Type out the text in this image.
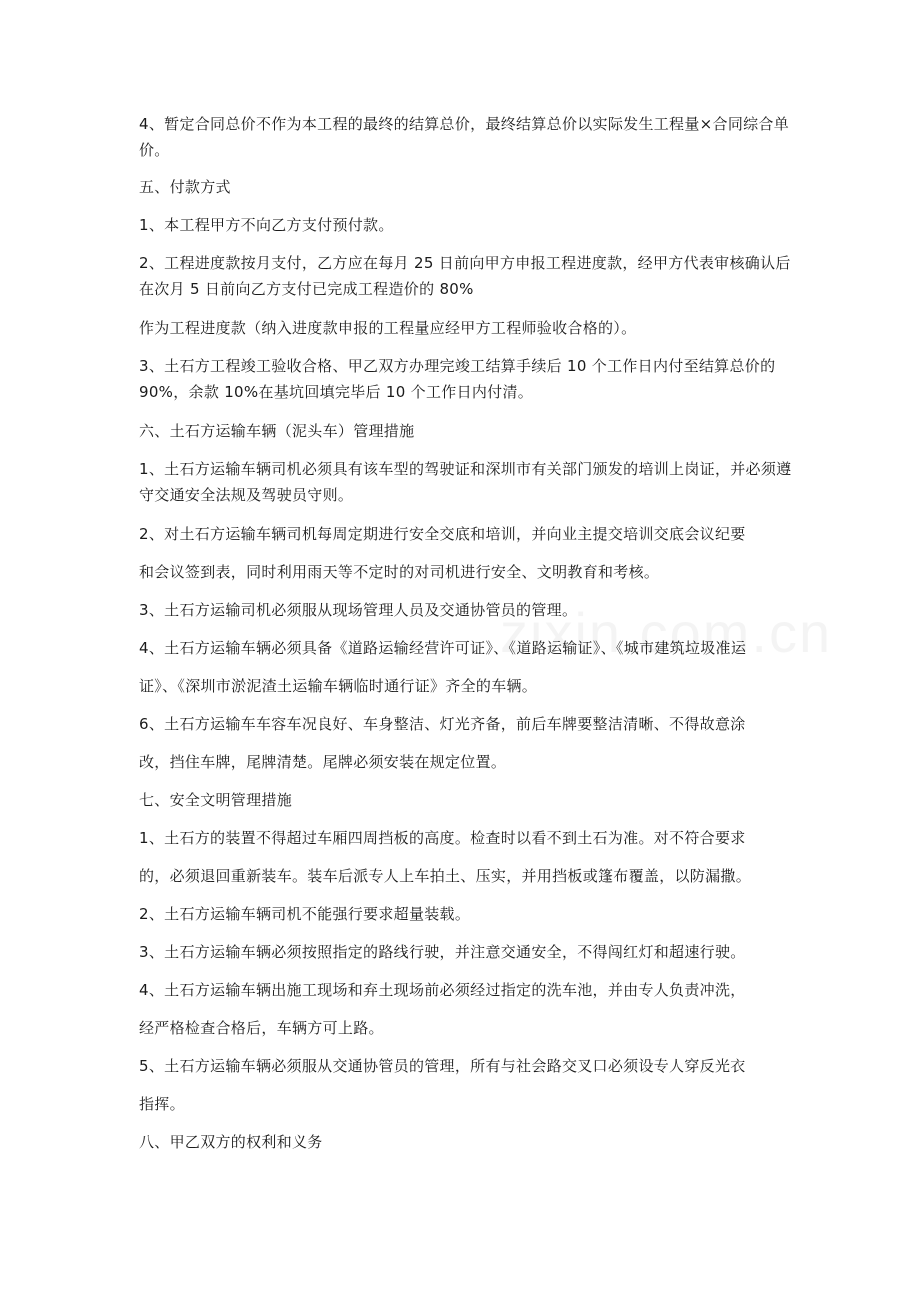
4、暂定合同总价不作为本工程的最终的结算总价，最终结算总价以实际发生工程量×合同综合单价。

五、付款方式

1、本工程甲方不向乙方支付预付款。

2、工程进度款按月支付，乙方应在每月 25 日前向甲方申报工程进度款，经甲方代表审核确认后在次月 5 日前向乙方支付已完成工程造价的 80%

作为工程进度款（纳入进度款申报的工程量应经甲方工程师验收合格的）。

3、土石方工程竣工验收合格、甲乙双方办理完竣工结算手续后 10 个工作日内付至结算总价的 90%，余款 10%在基坑回填完毕后 10 个工作日内付清。

六、土石方运输车辆（泥头车）管理措施

1、土石方运输车辆司机必须具有该车型的驾驶证和深圳市有关部门颁发的培训上岗证，并必须遵守交通安全法规及驾驶员守则。

2、对土石方运输车辆司机每周定期进行安全交底和培训，并向业主提交培训交底会议纪要

和会议签到表，同时利用雨天等不定时的对司机进行安全、文明教育和考核。

3、土石方运输司机必须服从现场管理人员及交通协管员的管理。

4、土石方运输车辆必须具备《道路运输经营许可证》、《道路运输证》、《城市建筑垃圾准运

证》、《深圳市淤泥渣土运输车辆临时通行证》齐全的车辆。

6、土石方运输车车容车况良好、车身整洁、灯光齐备，前后车牌要整洁清晰、不得故意涂

改，挡住车牌，尾牌清楚。尾牌必须安装在规定位置。

七、安全文明管理措施

1、土石方的装置不得超过车厢四周挡板的高度。检查时以看不到土石为准。对不符合要求

的，必须退回重新装车。装车后派专人上车拍土、压实，并用挡板或篷布覆盖，以防漏撒。

2、土石方运输车辆司机不能强行要求超量装载。

3、土石方运输车辆必须按照指定的路线行驶，并注意交通安全，不得闯红灯和超速行驶。

4、土石方运输车辆出施工现场和弃土现场前必须经过指定的洗车池，并由专人负责冲洗，

经严格检查合格后，车辆方可上路。

5、土石方运输车辆必须服从交通协管员的管理，所有与社会路交叉口必须设专人穿反光衣

指挥。

八、甲乙双方的权利和义务
